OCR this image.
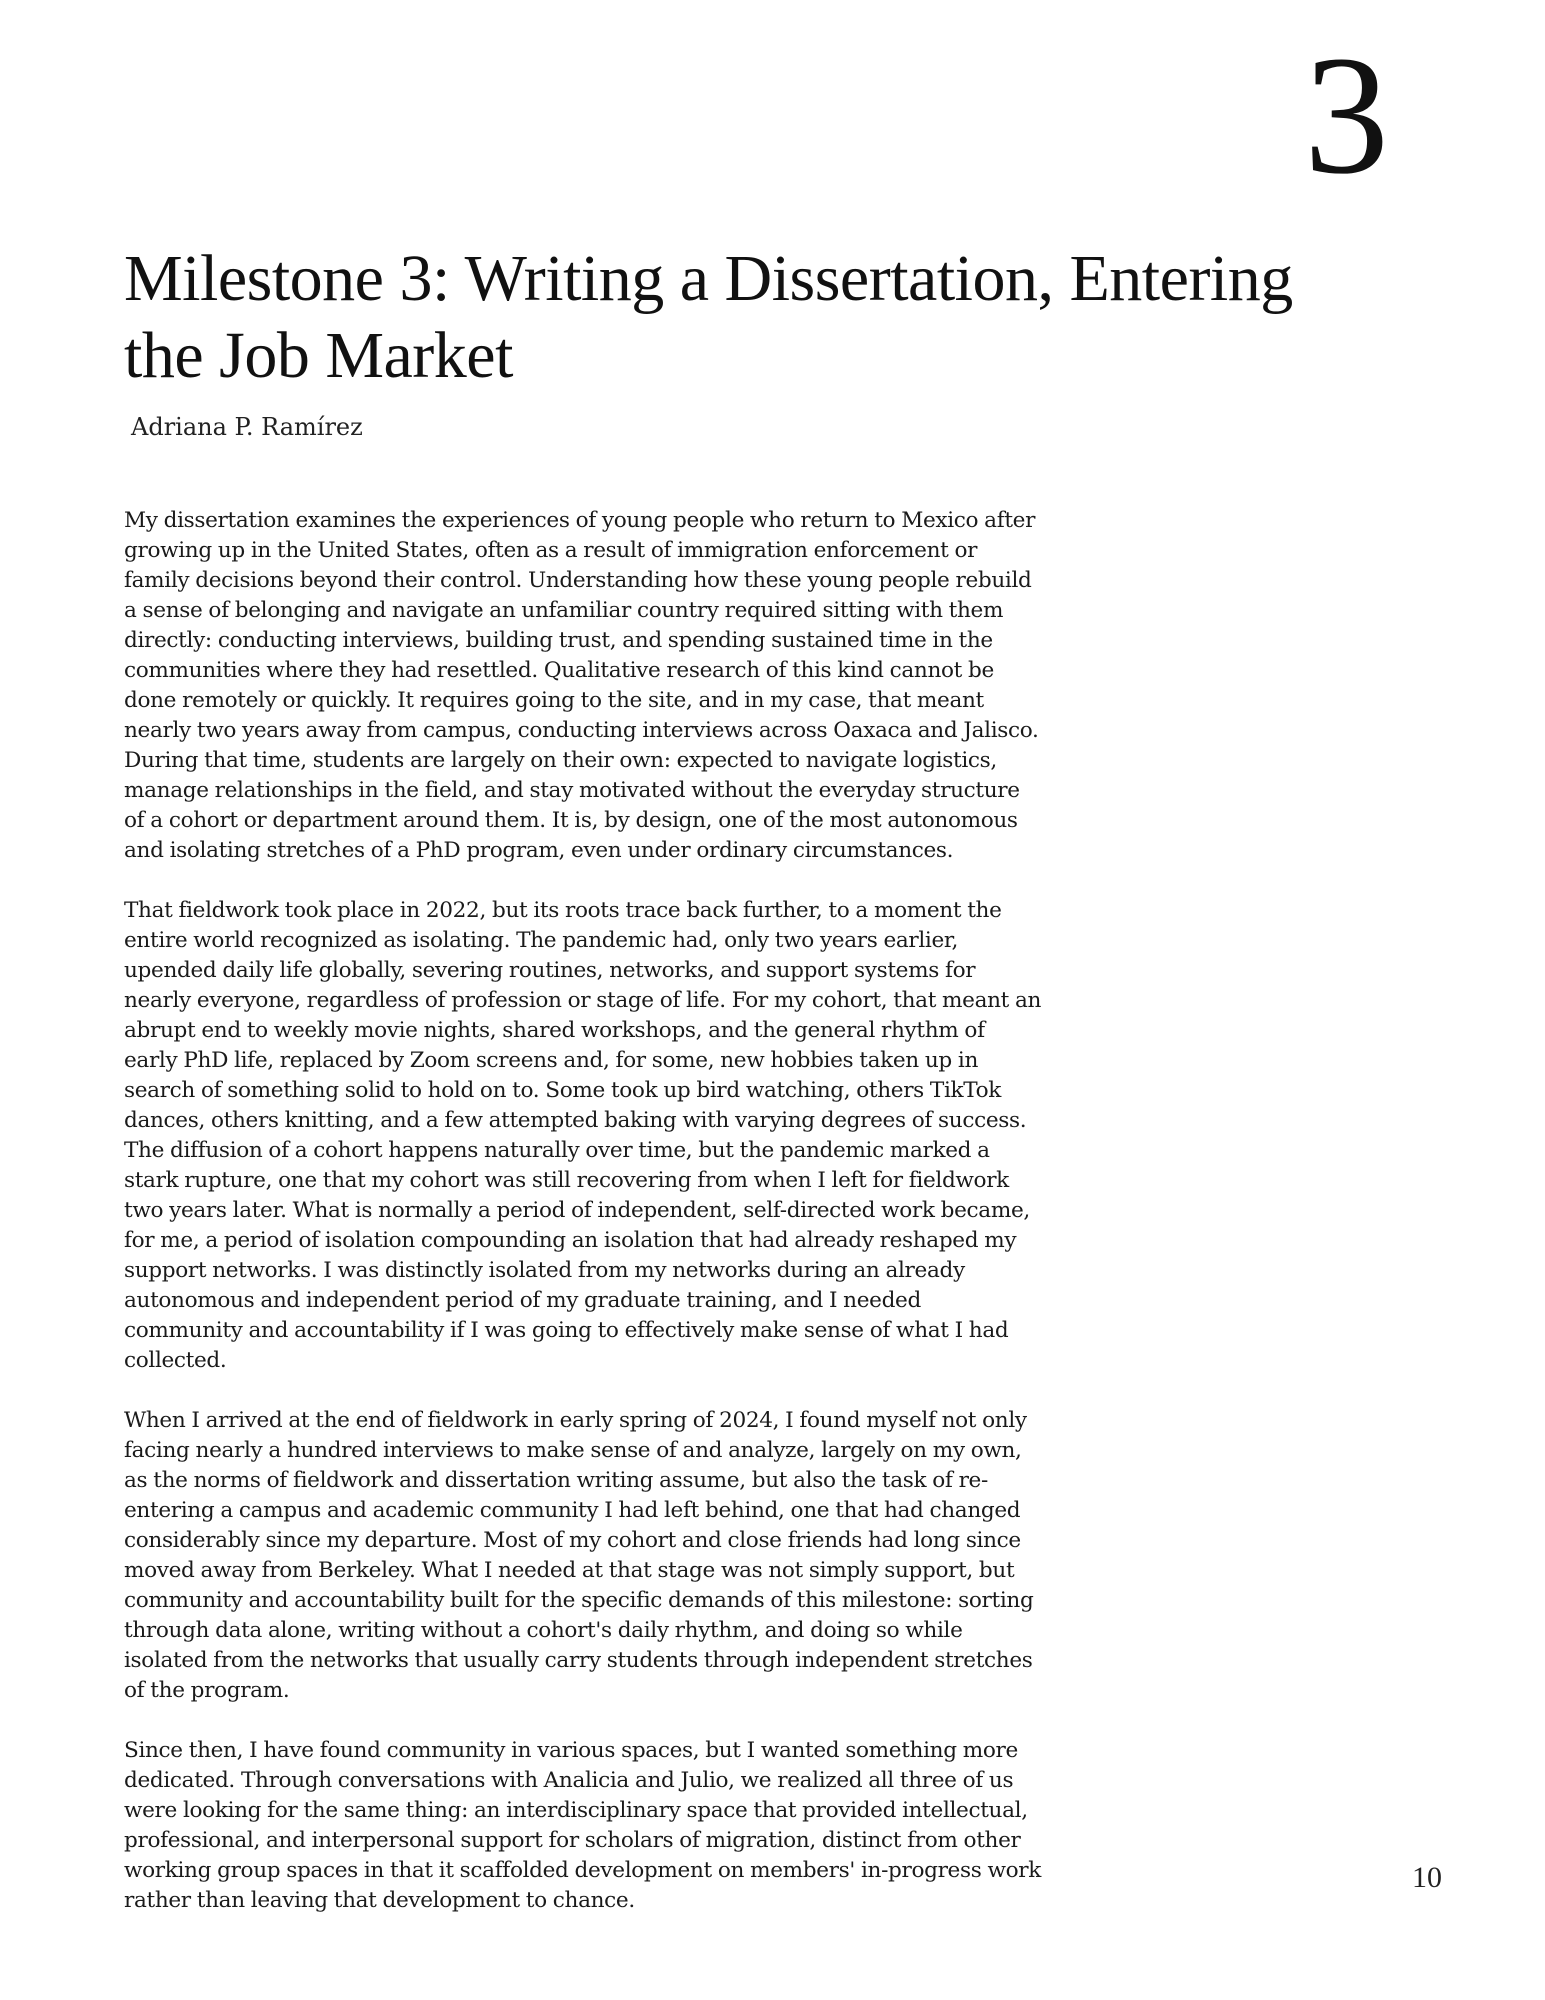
3
Milestone 3: Writing a Dissertation, Entering the Job Market

Adriana P. Ramírez

My dissertation examines the experiences of young people who return to Mexico after growing up in the United States, often as a result of immigration enforcement or family decisions beyond their control. Understanding how these young people rebuild a sense of belonging and navigate an unfamiliar country required sitting with them directly: conducting interviews, building trust, and spending sustained time in the communities where they had resettled. Qualitative research of this kind cannot be done remotely or quickly. It requires going to the site, and in my case, that meant nearly two years away from campus, conducting interviews across Oaxaca and Jalisco. During that time, students are largely on their own: expected to navigate logistics, manage relationships in the field, and stay motivated without the everyday structure of a cohort or department around them. It is, by design, one of the most autonomous and isolating stretches of a PhD program, even under ordinary circumstances.

That fieldwork took place in 2022, but its roots trace back further, to a moment the entire world recognized as isolating. The pandemic had, only two years earlier, upended daily life globally, severing routines, networks, and support systems for nearly everyone, regardless of profession or stage of life. For my cohort, that meant an abrupt end to weekly movie nights, shared workshops, and the general rhythm of early PhD life, replaced by Zoom screens and, for some, new hobbies taken up in search of something solid to hold on to. Some took up bird watching, others TikTok dances, others knitting, and a few attempted baking with varying degrees of success. The diffusion of a cohort happens naturally over time, but the pandemic marked a stark rupture, one that my cohort was still recovering from when I left for fieldwork two years later. What is normally a period of independent, self-directed work became, for me, a period of isolation compounding an isolation that had already reshaped my support networks. I was distinctly isolated from my networks during an already autonomous and independent period of my graduate training, and I needed community and accountability if I was going to effectively make sense of what I had collected.

When I arrived at the end of fieldwork in early spring of 2024, I found myself not only facing nearly a hundred interviews to make sense of and analyze, largely on my own, as the norms of fieldwork and dissertation writing assume, but also the task of re-entering a campus and academic community I had left behind, one that had changed considerably since my departure. Most of my cohort and close friends had long since moved away from Berkeley. What I needed at that stage was not simply support, but community and accountability built for the specific demands of this milestone: sorting through data alone, writing without a cohort's daily rhythm, and doing so while isolated from the networks that usually carry students through independent stretches of the program.

Since then, I have found community in various spaces, but I wanted something more dedicated. Through conversations with Analicia and Julio, we realized all three of us were looking for the same thing: an interdisciplinary space that provided intellectual, professional, and interpersonal support for scholars of migration, distinct from other working group spaces in that it scaffolded development on members' in-progress work rather than leaving that development to chance.

10
